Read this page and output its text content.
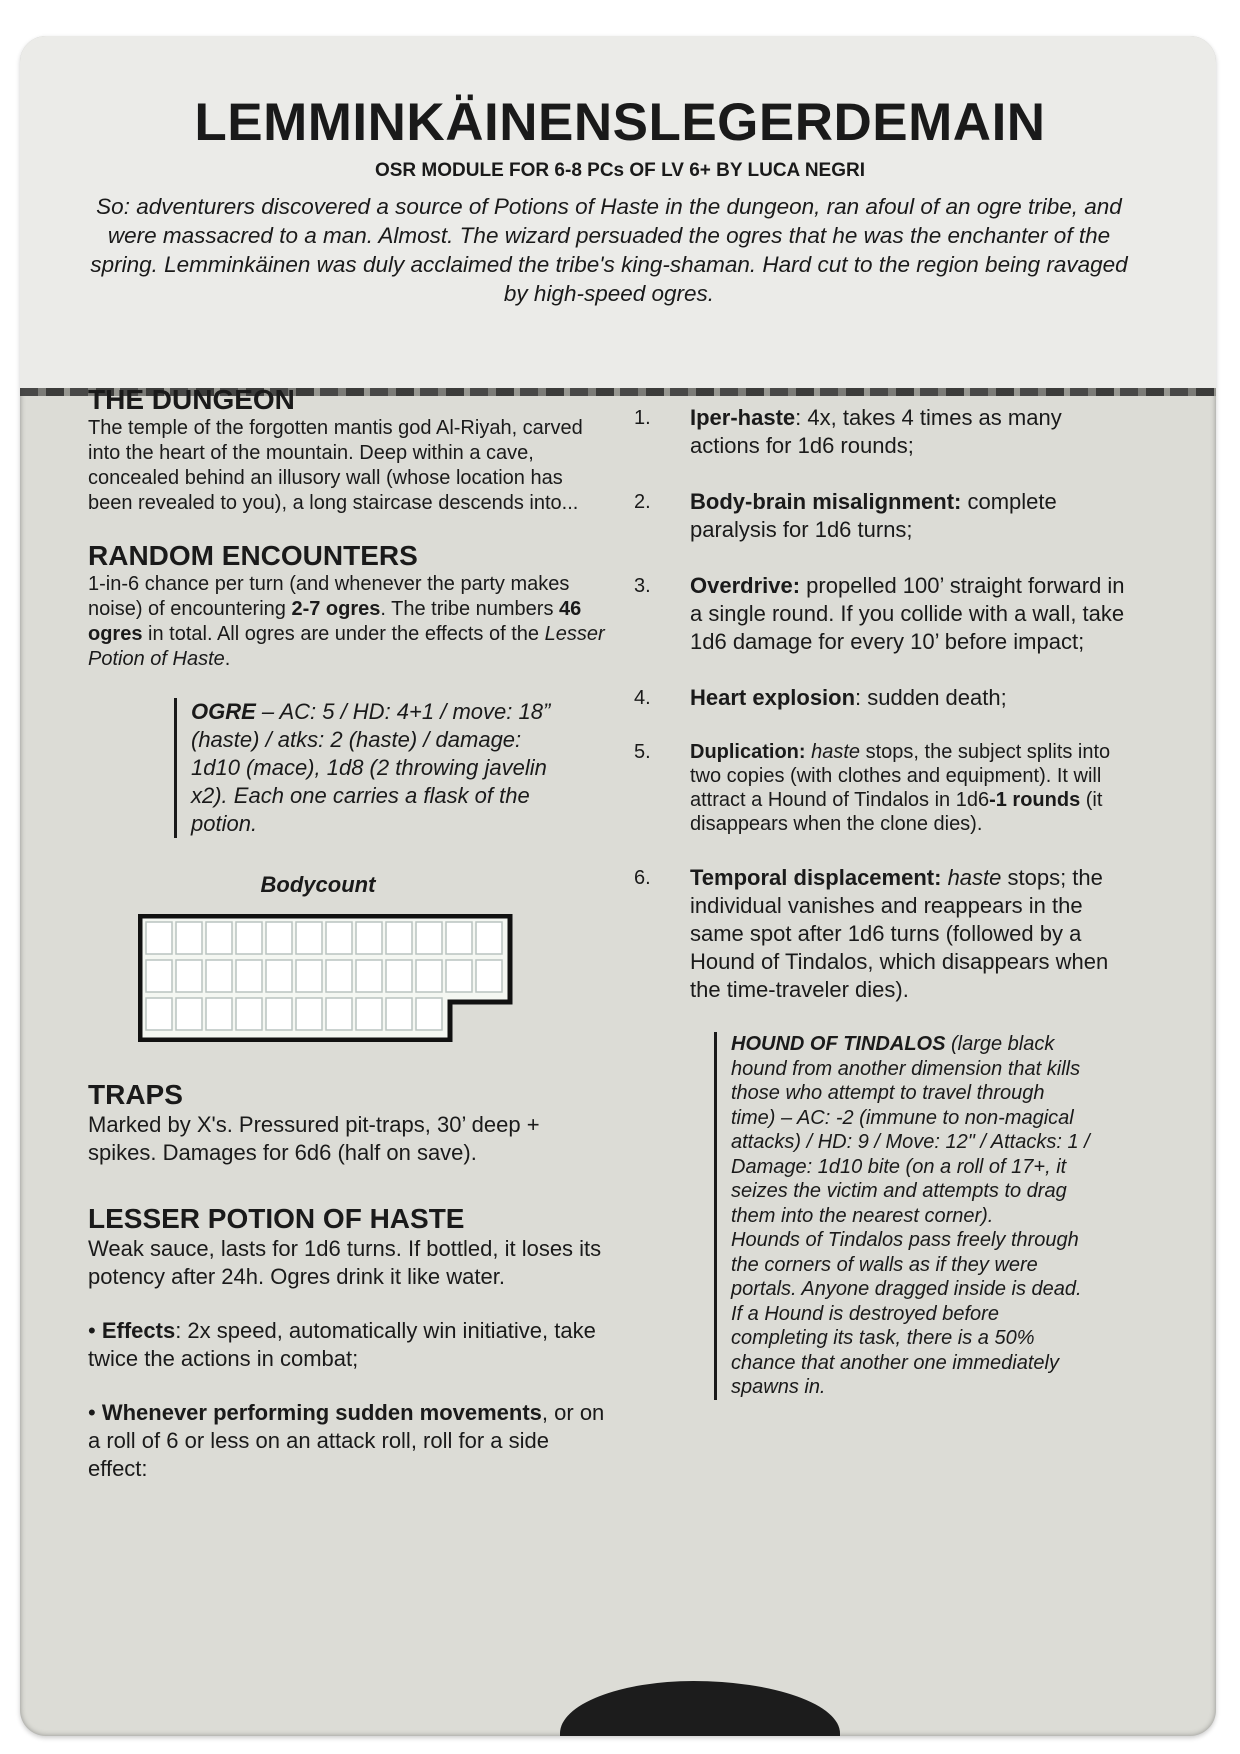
LEMMINKÄINENSLEGERDEMAIN

OSR MODULE FOR 6-8 PCs OF LV 6+ BY LUCA NEGRI

So: adventurers discovered a source of Potions of Haste in the dungeon, ran afoul of an ogre tribe, and were massacred to a man. Almost. The wizard persuaded the ogres that he was the enchanter of the spring. Lemminkäinen was duly acclaimed the tribe's king-shaman. Hard cut to the region being ravaged by high-speed ogres.

THE DUNGEON

The temple of the forgotten mantis god Al-Riyah, carved into the heart of the mountain. Deep within a cave, concealed behind an illusory wall (whose location has been revealed to you), a long staircase descends into...

RANDOM ENCOUNTERS

1-in-6 chance per turn (and whenever the party makes noise) of encountering 2-7 ogres. The tribe numbers 46 ogres in total. All ogres are under the effects of the Lesser Potion of Haste.

OGRE – AC: 5 / HD: 4+1 / move: 18” (haste) / atks: 2 (haste) / damage: 1d10 (mace), 1d8 (2 throwing javelin x2). Each one carries a flask of the potion.

Bodycount

TRAPS

Marked by X's. Pressured pit-traps, 30’ deep + spikes. Damages for 6d6 (half on save).

LESSER POTION OF HASTE

Weak sauce, lasts for 1d6 turns. If bottled, it loses its potency after 24h. Ogres drink it like water.

• Effects: 2x speed, automatically win initiative, take twice the actions in combat;

• Whenever performing sudden movements, or on a roll of 6 or less on an attack roll, roll for a side effect:

1. Iper-haste: 4x, takes 4 times as many actions for 1d6 rounds;
2. Body-brain misalignment: complete paralysis for 1d6 turns;
3. Overdrive: propelled 100’ straight forward in a single round. If you collide with a wall, take 1d6 damage for every 10’ before impact;
4. Heart explosion: sudden death;
5. Duplication: haste stops, the subject splits into two copies (with clothes and equipment). It will attract a Hound of Tindalos in 1d6-1 rounds (it disappears when the clone dies).
6. Temporal displacement: haste stops; the individual vanishes and reappears in the same spot after 1d6 turns (followed by a Hound of Tindalos, which disappears when the time-traveler dies).

HOUND OF TINDALOS (large black hound from another dimension that kills those who attempt to travel through time) – AC: -2 (immune to non-magical attacks) / HD: 9 / Move: 12" / Attacks: 1 / Damage: 1d10 bite (on a roll of 17+, it seizes the victim and attempts to drag them into the nearest corner).

Hounds of Tindalos pass freely through the corners of walls as if they were portals. Anyone dragged inside is dead.

If a Hound is destroyed before completing its task, there is a 50% chance that another one immediately spawns in.
